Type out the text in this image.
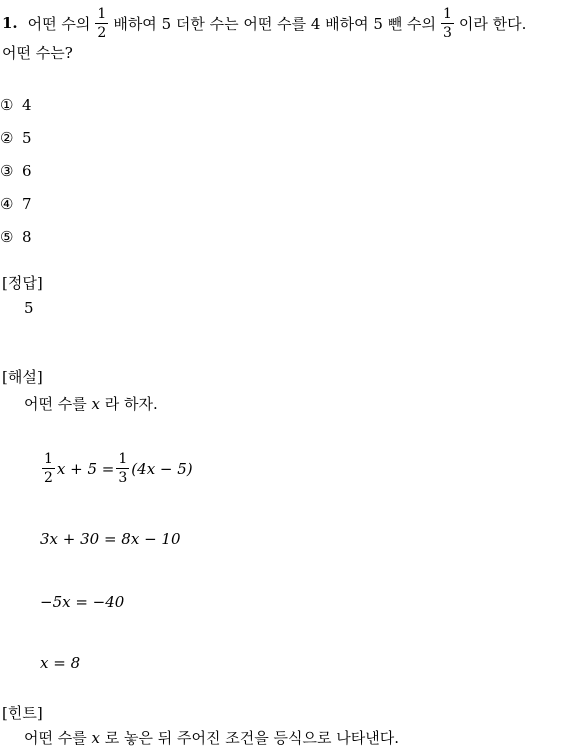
1. 어떤 수의 $\frac{1}{2}$ 배하여 5 더한 수는 어떤 수를 4 배하여 5 뺀 수의 $\frac{1}{3}$ 이라 한다.
어떤 수는?
① 4
② 5
③ 6
④ 7
⑤ 8
[정답]
5
[해설]
어떤 수를 x 라 하자.
$\frac{1}{2}$ $x + 5 = \frac{1}{3} (4x - 5)$
3x + 30 = 8x − 10
−5x = −40
x = 8
[힌트]
어떤 수를 x 로 놓은 뒤 주어진 조건을 등식으로 나타낸다.
